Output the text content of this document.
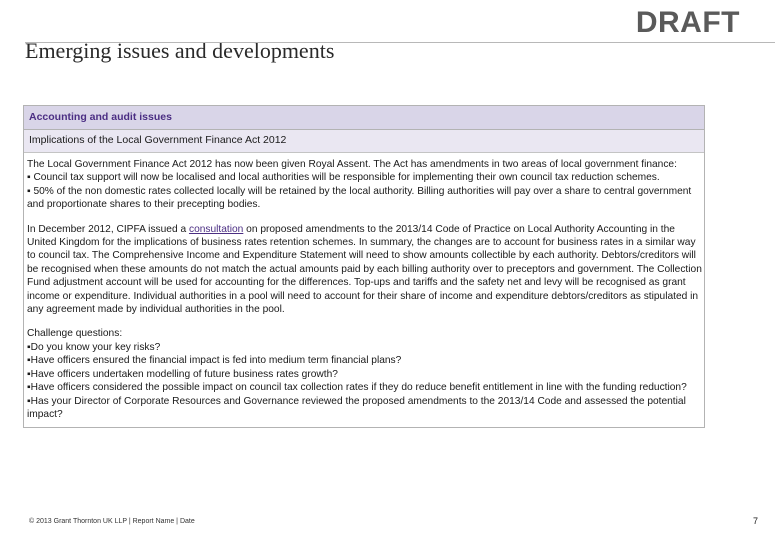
DRAFT
Emerging issues and developments
Accounting and audit issues
Implications of the Local Government Finance Act 2012

The Local Government Finance Act 2012 has now been given Royal Assent. The Act has amendments in two areas of local government finance:
▪ Council tax support will now be localised and local authorities will be responsible for implementing their own council tax reduction schemes.
▪ 50% of the non domestic rates collected locally will be retained by the local authority. Billing authorities will pay over a share to central government and proportionate shares to their precepting bodies.

In December 2012, CIPFA issued a consultation on proposed amendments to the 2013/14 Code of Practice on Local Authority Accounting in the United Kingdom for the implications of business rates retention schemes. In summary, the changes are to account for business rates in a similar way to council tax. The Comprehensive Income and Expenditure Statement will need to show amounts collectible by each authority. Debtors/creditors will be recognised when these amounts do not match the actual amounts paid by each billing authority over to preceptors and government. The Collection Fund adjustment account will be used for accounting for the differences. Top-ups and tariffs and the safety net and levy will be recognised as grant income or expenditure. Individual authorities in a pool will need to account for their share of income and expenditure debtors/creditors as stipulated in any agreement made by individual authorities in the pool.

Challenge questions:
▪Do you know your key risks?
▪Have officers ensured the financial impact is fed into medium term financial plans?
▪Have officers undertaken modelling of future business rates growth?
▪Have officers considered the possible impact on council tax collection rates if they do reduce benefit entitlement in line with the funding reduction?
▪Has your Director of Corporate Resources and Governance reviewed the proposed amendments to the 2013/14 Code and assessed the potential impact?

© 2013 Grant Thornton UK LLP | Report Name | Date	7
